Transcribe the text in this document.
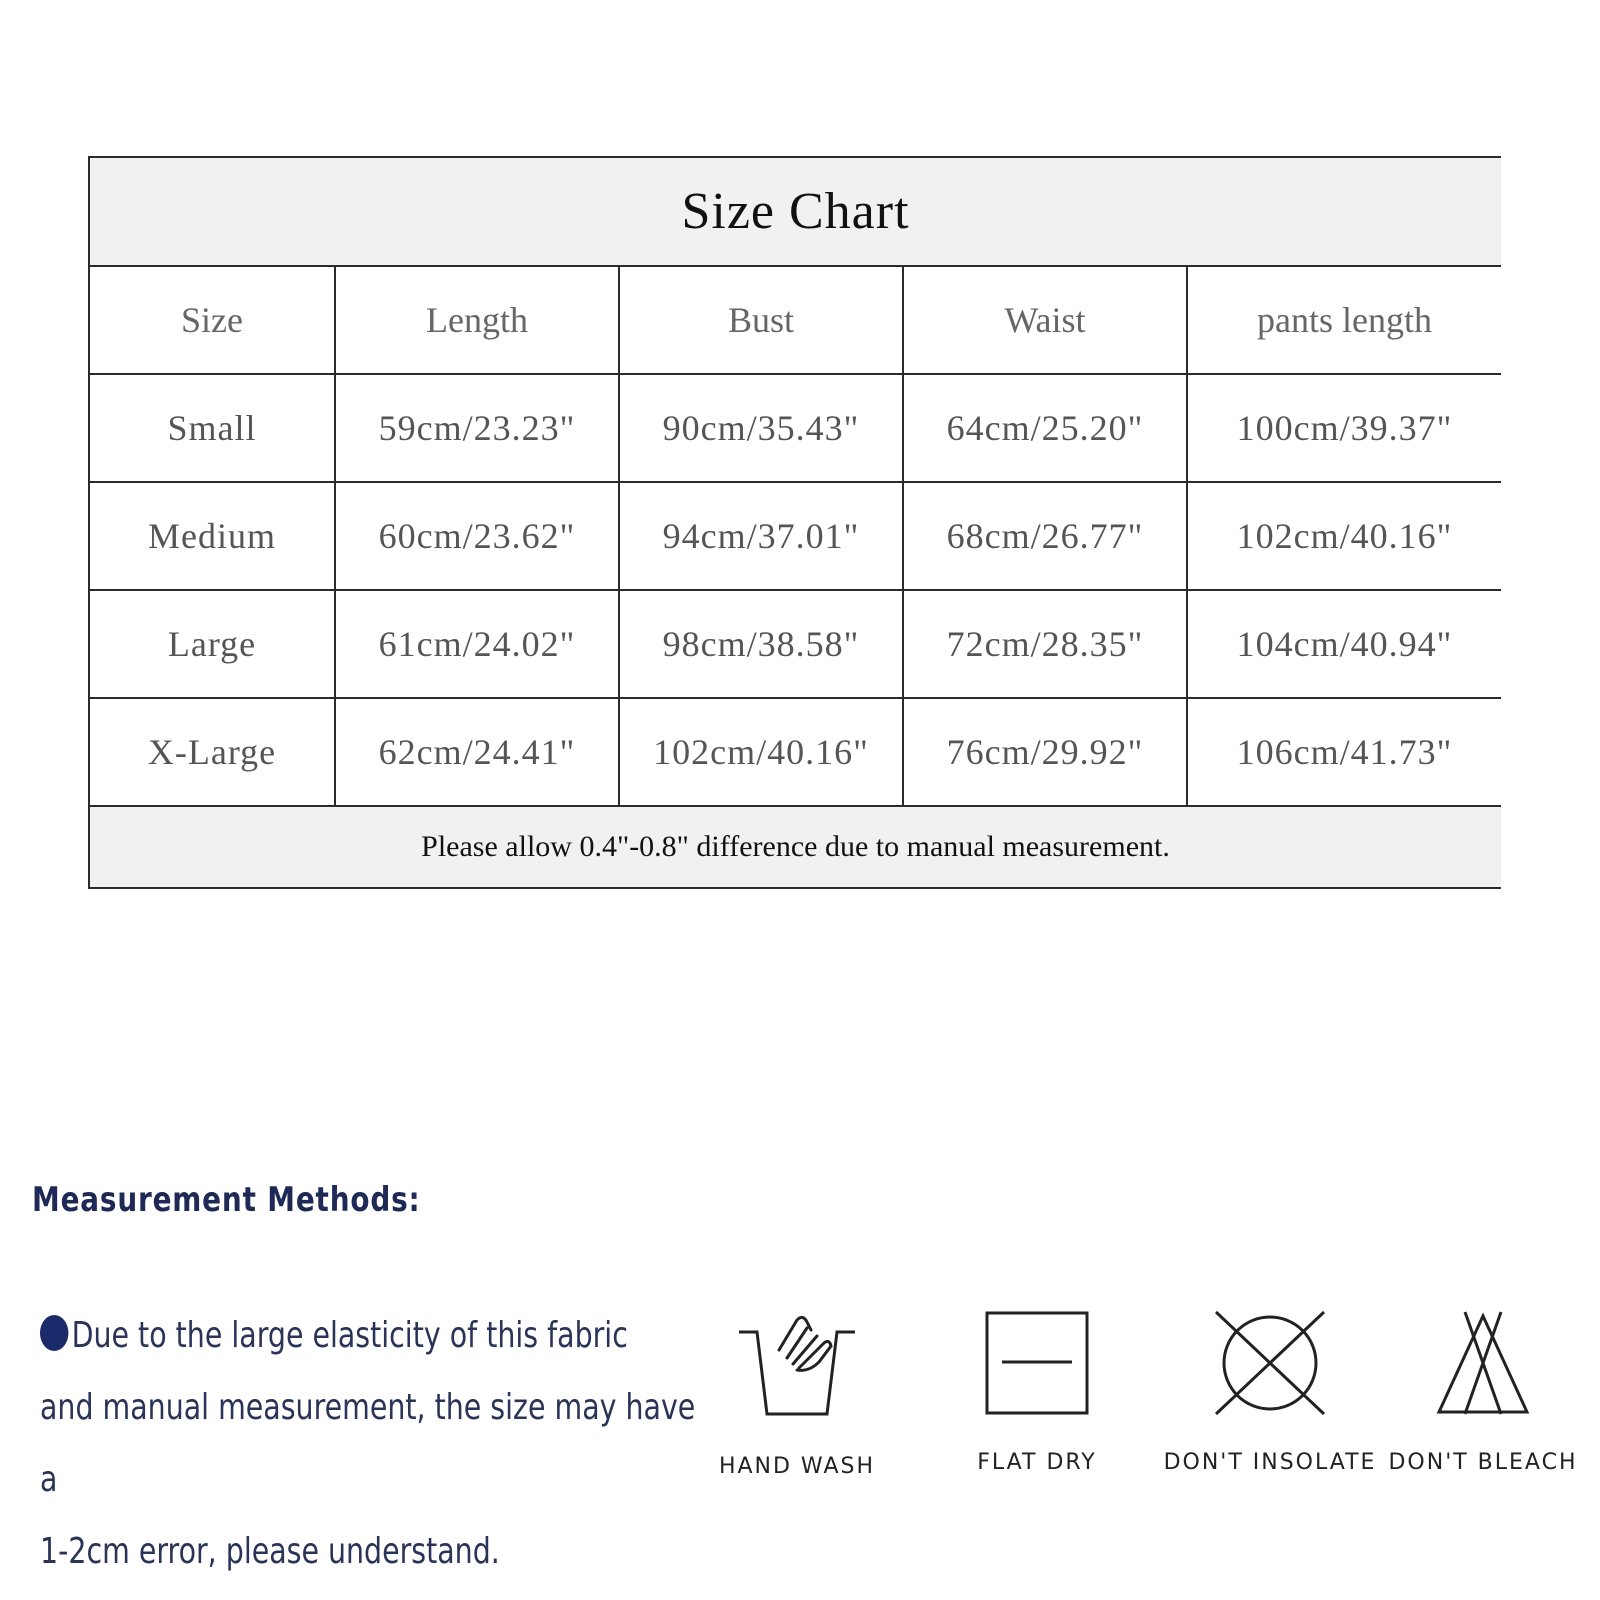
Size Chart				
Size	Length	Bust	Waist	pants length
Small	59cm/23.23"	90cm/35.43"	64cm/25.20"	100cm/39.37"
Medium	60cm/23.62"	94cm/37.01"	68cm/26.77"	102cm/40.16"
Large	61cm/24.02"	98cm/38.58"	72cm/28.35"	104cm/40.94"
X-Large	62cm/24.41"	102cm/40.16"	76cm/29.92"	106cm/41.73"
Please allow 0.4"-0.8" difference due to manual measurement.				
Measurement Methods:
Due to the large elasticity of this fabric
and manual measurement, the size may have a
1-2cm error, please understand.
HAND WASH	FLAT DRY	DON'T INSOLATE DON'T BLEACH
